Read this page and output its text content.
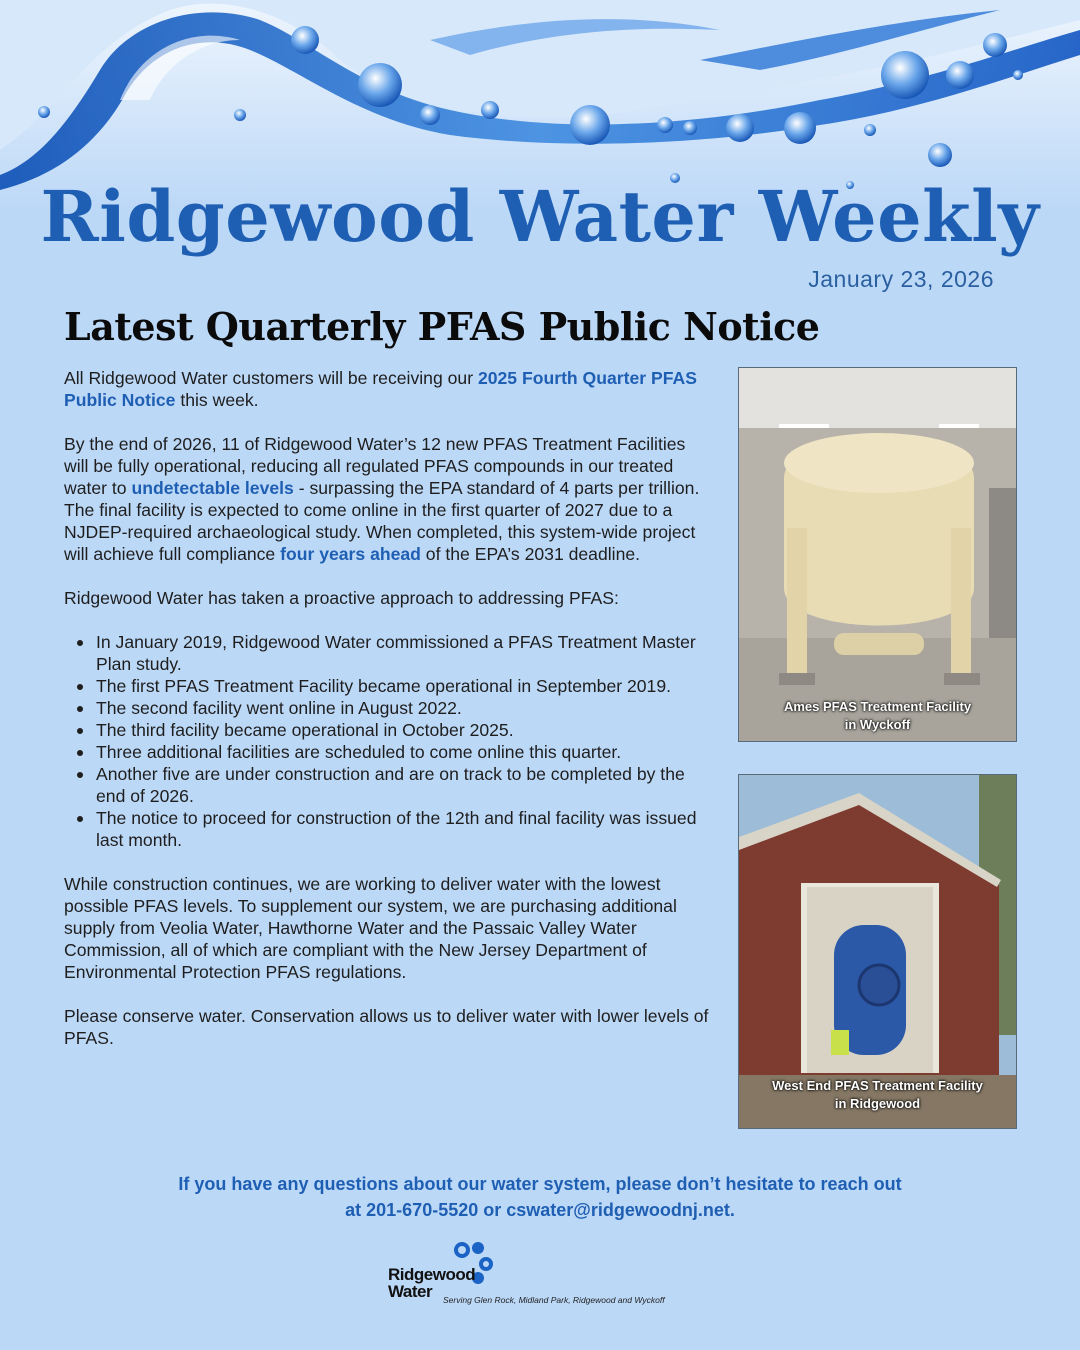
Ridgewood Water Weekly
January 23, 2026
Latest Quarterly PFAS Public Notice

All Ridgewood Water customers will be receiving our 2025 Fourth Quarter PFAS Public Notice this week.

By the end of 2026, 11 of Ridgewood Water’s 12 new PFAS Treatment Facilities will be fully operational, reducing all regulated PFAS compounds in our treated water to undetectable levels - surpassing the EPA standard of 4 parts per trillion. The final facility is expected to come online in the first quarter of 2027 due to a NJDEP-required archaeological study. When completed, this system-wide project will achieve full compliance four years ahead of the EPA’s 2031 deadline.

Ridgewood Water has taken a proactive approach to addressing PFAS:

In January 2019, Ridgewood Water commissioned a PFAS Treatment Master Plan study.
The first PFAS Treatment Facility became operational in September 2019.
The second facility went online in August 2022.
The third facility became operational in October 2025.
Three additional facilities are scheduled to come online this quarter.
Another five are under construction and are on track to be completed by the end of 2026.
The notice to proceed for construction of the 12th and final facility was issued last month.

While construction continues, we are working to deliver water with the lowest possible PFAS levels. To supplement our system, we are purchasing additional supply from Veolia Water, Hawthorne Water and the Passaic Valley Water Commission, all of which are compliant with the New Jersey Department of Environmental Protection PFAS regulations.

Please conserve water. Conservation allows us to deliver water with lower levels of PFAS.

Ames PFAS Treatment Facility
in Wyckoff
West End PFAS Treatment Facility
in Ridgewood
If you have any questions about our water system, please don’t hesitate to reach out
at 201-670-5520 or cswater@ridgewoodnj.net.
Ridgewood
Water	Serving Glen Rock, Midland Park, Ridgewood and Wyckoff
